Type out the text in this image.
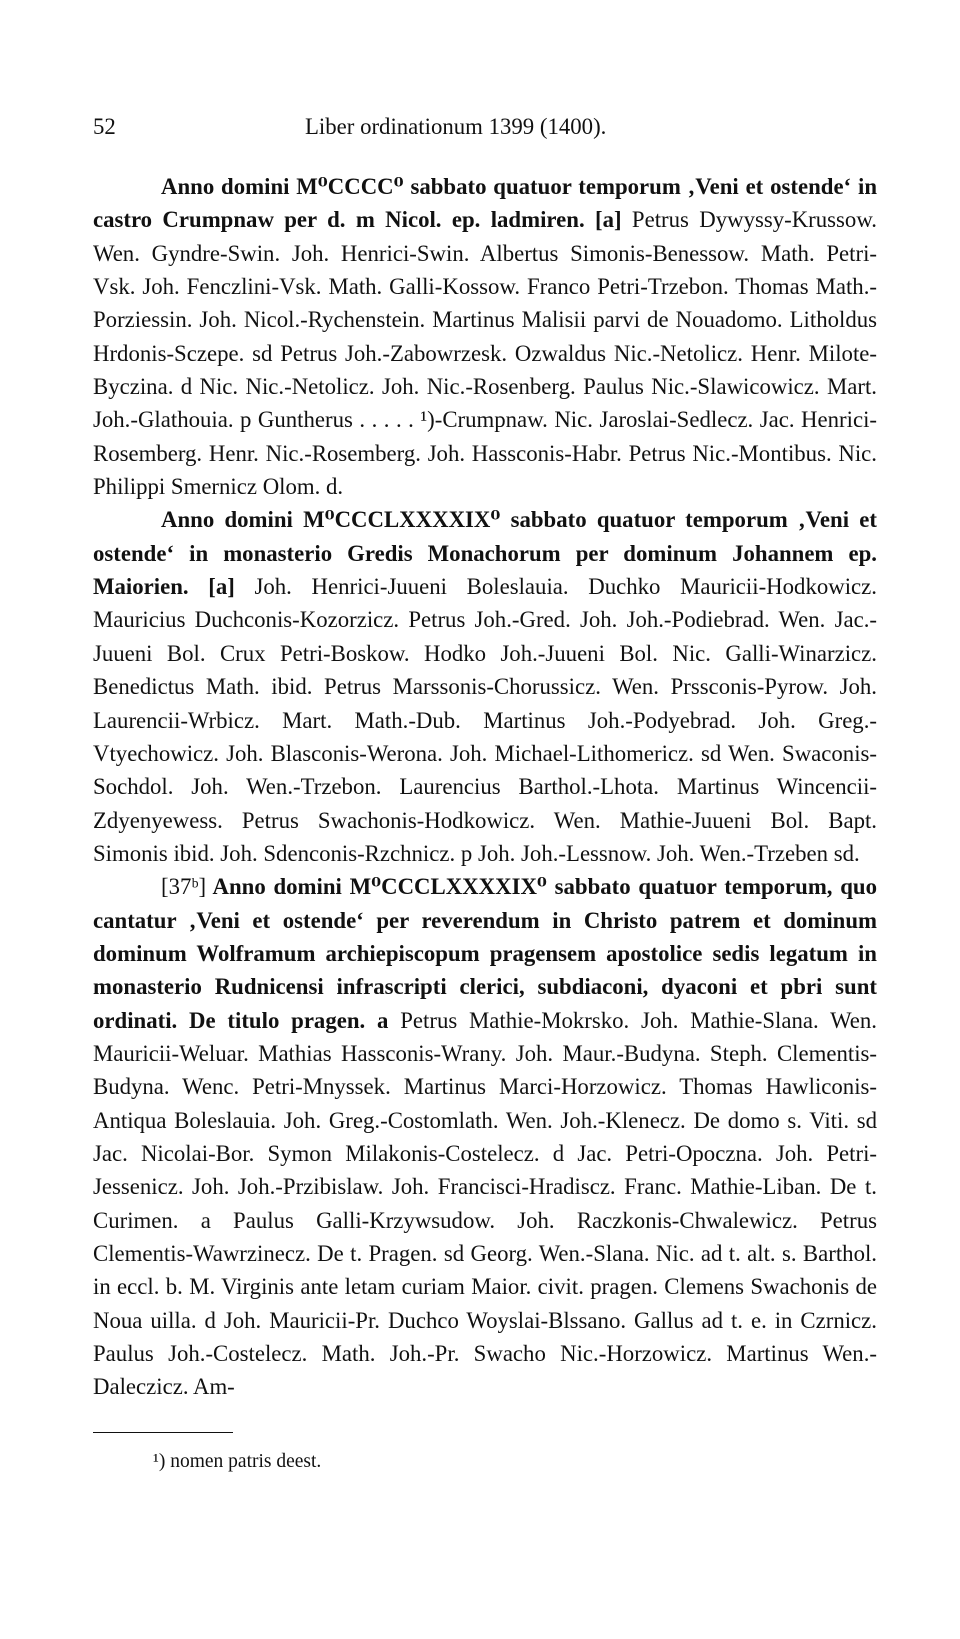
52	Liber ordinationum 1399 (1400).

Anno domini M⁰CCCC⁰ sabbato quatuor temporum ‚Veni et ostende‘ in castro Crumpnaw per d. m Nicol. ep. ladmiren. [a] Petrus Dywyssy-Krussow. Wen. Gyndre-Swin. Joh. Henrici-Swin. Albertus Simonis-Benessow. Math. Petri-Vsk. Joh. Fenczlini-Vsk. Math. Galli-Kossow. Franco Petri-Trzebon. Thomas Math.-Porziessin. Joh. Nicol.-Rychenstein. Martinus Malisii parvi de Nouadomo. Litholdus Hrdonis-Sczepe. sd Petrus Joh.-Zabowrzesk. Ozwaldus Nic.-Netolicz. Henr. Milote-Byczina. d Nic. Nic.-Netolicz. Joh. Nic.-Rosenberg. Paulus Nic.-Slawicowicz. Mart. Joh.-Glathouia. p Guntherus . . . . . ¹)-Crumpnaw. Nic. Jaroslai-Sedlecz. Jac. Henrici-Rosemberg. Henr. Nic.-Rosemberg. Joh. Hassconis-Habr. Petrus Nic.-Montibus. Nic. Philippi Smernicz Olom. d.

Anno domini M⁰CCCLXXXXIX⁰ sabbato quatuor temporum ‚Veni et ostende‘ in monasterio Gredis Monachorum per dominum Johannem ep. Maiorien. [a] Joh. Henrici-Juueni Boleslauia. Duchko Mauricii-Hodkowicz. Mauricius Duchconis-Kozorzicz. Petrus Joh.-Gred. Joh. Joh.-Podiebrad. Wen. Jac.-Juueni Bol. Crux Petri-Boskow. Hodko Joh.-Juueni Bol. Nic. Galli-Winarzicz. Benedictus Math. ibid. Petrus Marssonis-Chorussicz. Wen. Prssconis-Pyrow. Joh. Laurencii-Wrbicz. Mart. Math.-Dub. Martinus Joh.-Podyebrad. Joh. Greg.-Vtyechowicz. Joh. Blasconis-Werona. Joh. Michael-Lithomericz. sd Wen. Swaconis-Sochdol. Joh. Wen.-Trzebon. Laurencius Barthol.-Lhota. Martinus Wincencii-Zdyenyewess. Petrus Swachonis-Hodkowicz. Wen. Mathie-Juueni Bol. Bapt. Simonis ibid. Joh. Sdenconis-Rzchnicz. p Joh. Joh.-Lessnow. Joh. Wen.-Trzeben sd.

[37ᵇ] Anno domini M⁰CCCLXXXXIX⁰ sabbato quatuor temporum, quo cantatur ‚Veni et ostende‘ per reverendum in Christo patrem et dominum dominum Wolframum archiepiscopum pragensem apostolice sedis legatum in monasterio Rudnicensi infrascripti clerici, subdiaconi, dyaconi et pbri sunt ordinati. De titulo pragen. a Petrus Mathie-Mokrsko. Joh. Mathie-Slana. Wen. Mauricii-Weluar. Mathias Hassconis-Wrany. Joh. Maur.-Budyna. Steph. Clementis-Budyna. Wenc. Petri-Mnyssek. Martinus Marci-Horzowicz. Thomas Hawliconis-Antiqua Boleslauia. Joh. Greg.-Costomlath. Wen. Joh.-Klenecz. De domo s. Viti. sd Jac. Nicolai-Bor. Symon Milakonis-Costelecz. d Jac. Petri-Opoczna. Joh. Petri-Jessenicz. Joh. Joh.-Przibislaw. Joh. Francisci-Hradiscz. Franc. Mathie-Liban. De t. Curimen. a Paulus Galli-Krzywsudow. Joh. Raczkonis-Chwalewicz. Petrus Clementis-Wawrzinecz. De t. Pragen. sd Georg. Wen.-Slana. Nic. ad t. alt. s. Barthol. in eccl. b. M. Virginis ante letam curiam Maior. civit. pragen. Clemens Swachonis de Noua uilla. d Joh. Mauricii-Pr. Duchco Woyslai-Blssano. Gallus ad t. e. in Czrnicz. Paulus Joh.-Costelecz. Math. Joh.-Pr. Swacho Nic.-Horzowicz. Martinus Wen.-Daleczicz. Am-

¹) nomen patris deest.
